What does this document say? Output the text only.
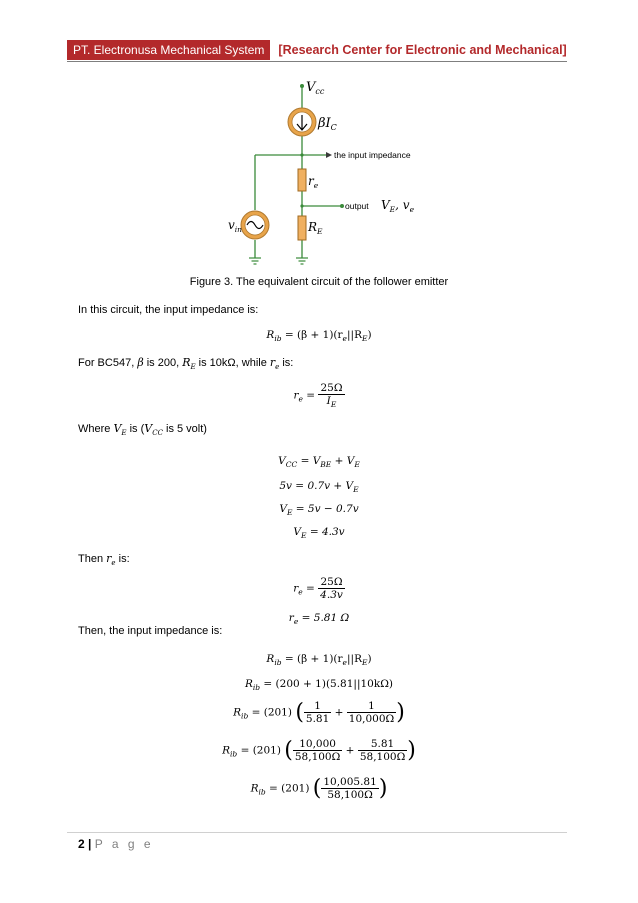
PT. Electronusa Mechanical System	[Research Center for Electronic and Mechanical]
$V_{cc}$
$\beta I_C$
the input impedance
$r_e$
output $V_E$, $v_e$
$R_E$
$v_{in}$
Figure 3. The equivalent circuit of the follower emitter
In this circuit, the input impedance is:
$R_{ib} = (\beta + 1)(r_e||R_E)$
For BC547, β is 200, $R_E$ is 10kΩ, while $r_e$ is:
$r_e = \frac{25\Omega}{I_E}$
Where $V_E$ is ($V_{CC}$ is 5 volt)
$V_{CC} = V_{BE} + V_E$
$5v = 0.7v + V_E$
$V_E = 5v - 0.7v$
$V_E = 4.3v$
Then $r_e$ is:
$r_e = \frac{25\Omega}{4.3v}$
$r_e = 5.81$ Ω
Then, the input impedance is:
$R_{ib} = (\beta + 1)(r_e||R_E)$
$R_{ib} = (200 + 1)(5.81||10k\Omega)$
$R_{ib} = (201)$ ( $\frac{1}{5.81} + \frac{1}{10,000\Omega}$ )
$R_{ib} = (201)$ ( $\frac{10,000}{58,100\Omega} + \frac{5.81}{58,100\Omega}$ )
$R_{ib} = (201)$ ( $\frac{10,005.81}{58,100\Omega}$ )
2 | P a g e
